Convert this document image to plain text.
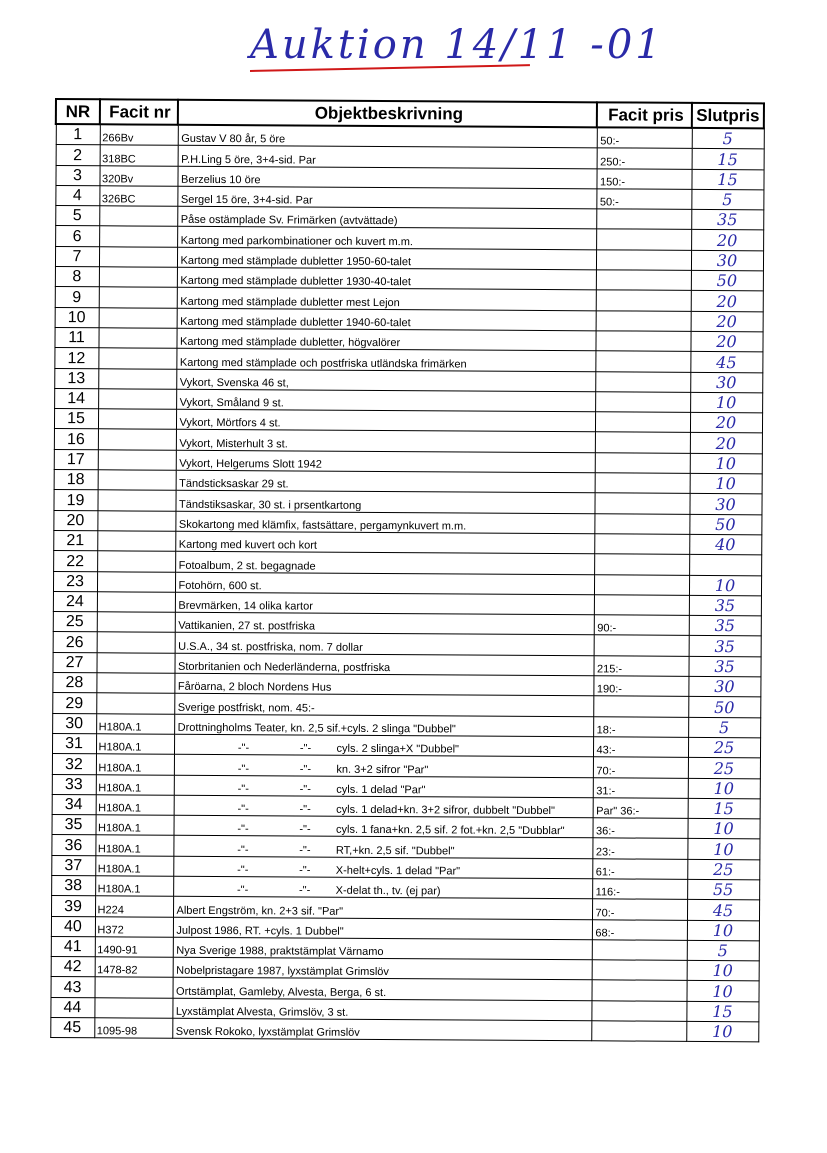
Auktion 14/11 -01
NR	Facit nr	Objektbeskrivning	Facit pris	Slutpris
1	266Bv	Gustav V 80 år, 5 öre	50:-	5
2	318BC	P.H.Ling 5 öre, 3+4-sid. Par	250:-	15
3	320Bv	Berzelius 10 öre	150:-	15
4	326BC	Sergel 15 öre, 3+4-sid. Par	50:-	5
5		Påse ostämplade Sv. Frimärken (avtvättade)		35
6		Kartong med parkombinationer och kuvert m.m.		20
7		Kartong med stämplade dubletter 1950-60-talet		30
8		Kartong med stämplade dubletter 1930-40-talet		50
9		Kartong med stämplade dubletter mest Lejon		20
10		Kartong med stämplade dubletter 1940-60-talet		20
11		Kartong med stämplade dubletter, högvalörer		20
12		Kartong med stämplade och postfriska utländska frimärken		45
13		Vykort, Svenska 46 st,		30
14		Vykort, Småland 9 st.		10
15		Vykort, Mörtfors 4 st.		20
16		Vykort, Misterhult 3 st.		20
17		Vykort, Helgerums Slott 1942		10
18		Tändsticksaskar 29 st.		10
19		Tändstiksaskar, 30 st. i prsentkartong		30
20		Skokartong med klämfix, fastsättare, pergamynkuvert m.m.		50
21		Kartong med kuvert och kort		40
22		Fotoalbum, 2 st. begagnade		
23		Fotohörn, 600 st.		10
24		Brevmärken, 14 olika kartor		35
25		Vattikanien, 27 st. postfriska	90:-	35
26		U.S.A., 34 st. postfriska, nom. 7 dollar		35
27		Storbritanien och Nederländerna, postfriska	215:-	35
28		Fåröarna, 2 bloch Nordens Hus	190:-	30
29		Sverige postfriskt, nom. 45:-		50
30	H180A.1	Drottningholms Teater, kn. 2,5 sif.+cyls. 2 slinga "Dubbel"	18:-	5
31	H180A.1	-"- -"- cyls. 2 slinga+X "Dubbel"	43:-	25
32	H180A.1	-"- -"- kn. 3+2 sifror "Par"	70:-	25
33	H180A.1	-"- -"- cyls. 1 delad "Par"	31:-	10
34	H180A.1	-"- -"- cyls. 1 delad+kn. 3+2 sifror, dubbelt "Dubbel"	Par" 36:-	15
35	H180A.1	-"- -"- cyls. 1 fana+kn. 2,5 sif. 2 fot.+kn. 2,5 "Dubblar"	36:-	10
36	H180A.1	-"- -"- RT,+kn. 2,5 sif. "Dubbel"	23:-	10
37	H180A.1	-"- -"- X-helt+cyls. 1 delad "Par"	61:-	25
38	H180A.1	-"- -"- X-delat th., tv. (ej par)	116:-	55
39	H224	Albert Engström, kn. 2+3 sif. "Par"	70:-	45
40	H372	Julpost 1986, RT. +cyls. 1 Dubbel"	68:-	10
41	1490-91	Nya Sverige 1988, praktstämplat Värnamo		5
42	1478-82	Nobelpristagare 1987, lyxstämplat Grimslöv		10
43		Ortstämplat, Gamleby, Alvesta, Berga, 6 st.		10
44		Lyxstämplat Alvesta, Grimslöv, 3 st.		15
45	1095-98	Svensk Rokoko, lyxstämplat Grimslöv		10
